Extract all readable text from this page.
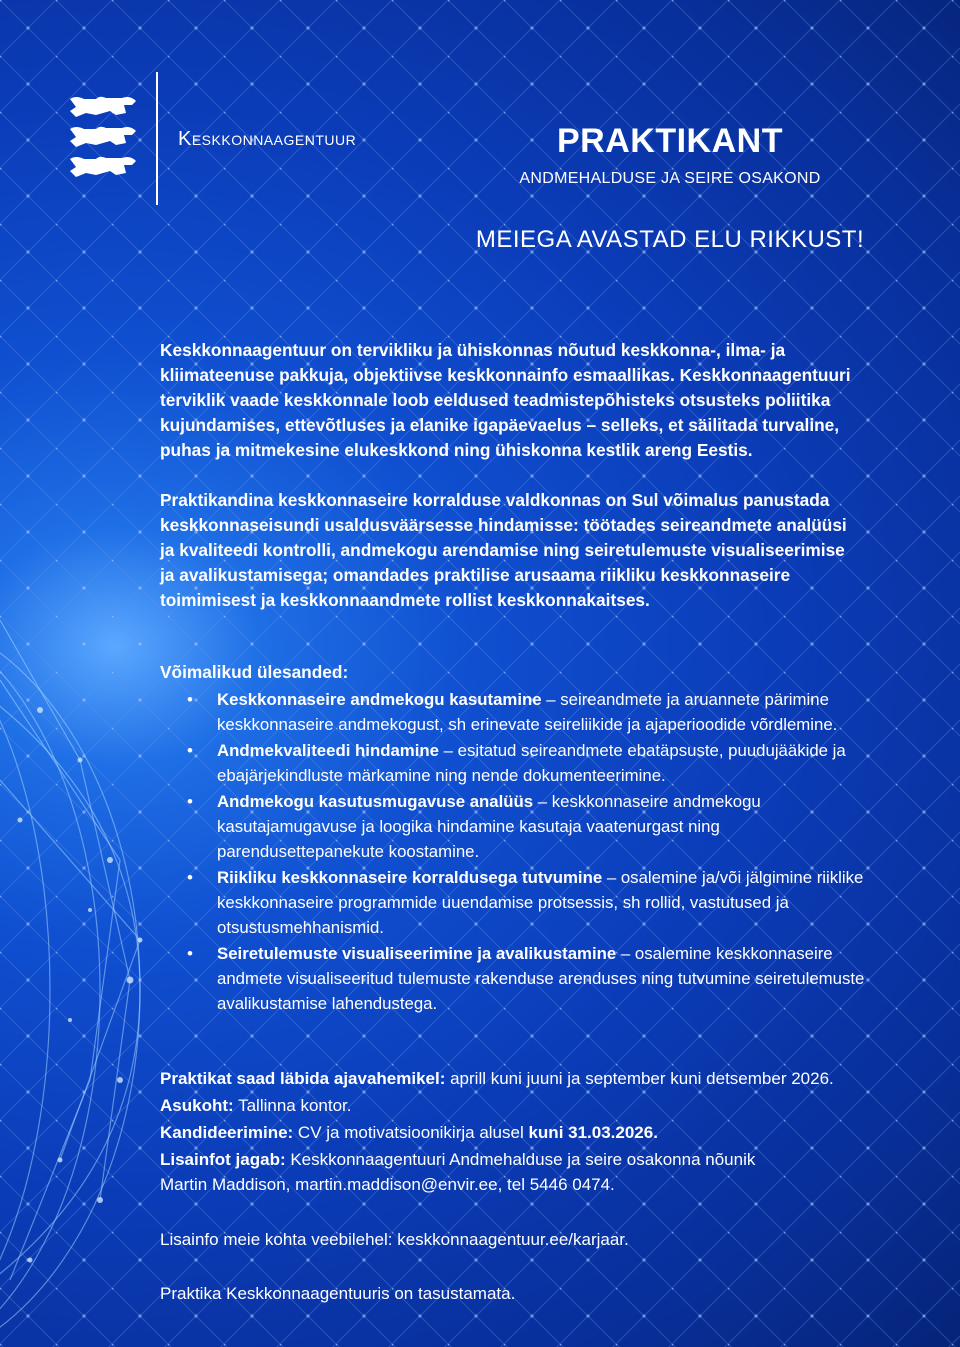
Keskkonnaagentuur	PRAKTIKANT
ANDMEHALDUSE JA SEIRE OSAKOND
MEIEGA AVASTAD ELU RIKKUST!

Keskkonnaagentuur on tervikliku ja ühiskonnas nõutud keskkonna-, ilma- ja kliimateenuse pakkuja, objektiivse keskkonnainfo esmaallikas. Keskkonnaagentuuri terviklik vaade keskkonnale loob eeldused teadmistepõhisteks otsusteks poliitika kujundamises, ettevõtluses ja elanike igapäevaelus – selleks, et säilitada turvaline, puhas ja mitmekesine elukeskkond ning ühiskonna kestlik areng Eestis.

Praktikandina keskkonnaseire korralduse valdkonnas on Sul võimalus panustada keskkonnaseisundi usaldusväärsesse hindamisse: töötades seireandmete analüüsi ja kvaliteedi kontrolli, andmekogu arendamise ning seiretulemuste visualiseerimise ja avalikustamisega; omandades praktilise arusaama riikliku keskkonnaseire toimimisest ja keskkonnaandmete rollist keskkonnakaitses.

Võimalikud ülesanded:
• Keskkonnaseire andmekogu kasutamine – seireandmete ja aruannete pärimine keskkonnaseire andmekogust, sh erinevate seireliikide ja ajaperioodide võrdlemine.
• Andmekvaliteedi hindamine – esitatud seireandmete ebatäpsuste, puudujääkide ja ebajärjekindluste märkamine ning nende dokumenteerimine.
• Andmekogu kasutusmugavuse analüüs – keskkonnaseire andmekogu kasutajamugavuse ja loogika hindamine kasutaja vaatenurgast ning parendusettepanekute koostamine.
• Riikliku keskkonnaseire korraldusega tutvumine – osalemine ja/või jälgimine riiklike keskkonnaseire programmide uuendamise protsessis, sh rollid, vastutused ja otsustusmehhanismid.
• Seiretulemuste visualiseerimine ja avalikustamine – osalemine keskkonnaseire andmete visualiseeritud tulemuste rakenduse arenduses ning tutvumine seiretulemuste avalikustamise lahendustega.
Praktikat saad läbida ajavahemikel: aprill kuni juuni ja september kuni detsember 2026.
Asukoht: Tallinna kontor.
Kandideerimine: CV ja motivatsioonikirja alusel kuni 31.03.2026.
Lisainfot jagab: Keskkonnaagentuuri Andmehalduse ja seire osakonna nõunik
Martin Maddison, martin.maddison@envir.ee, tel 5446 0474.
Lisainfo meie kohta veebilehel: keskkonnaagentuur.ee/karjaar.
Praktika Keskkonnaagentuuris on tasustamata.
